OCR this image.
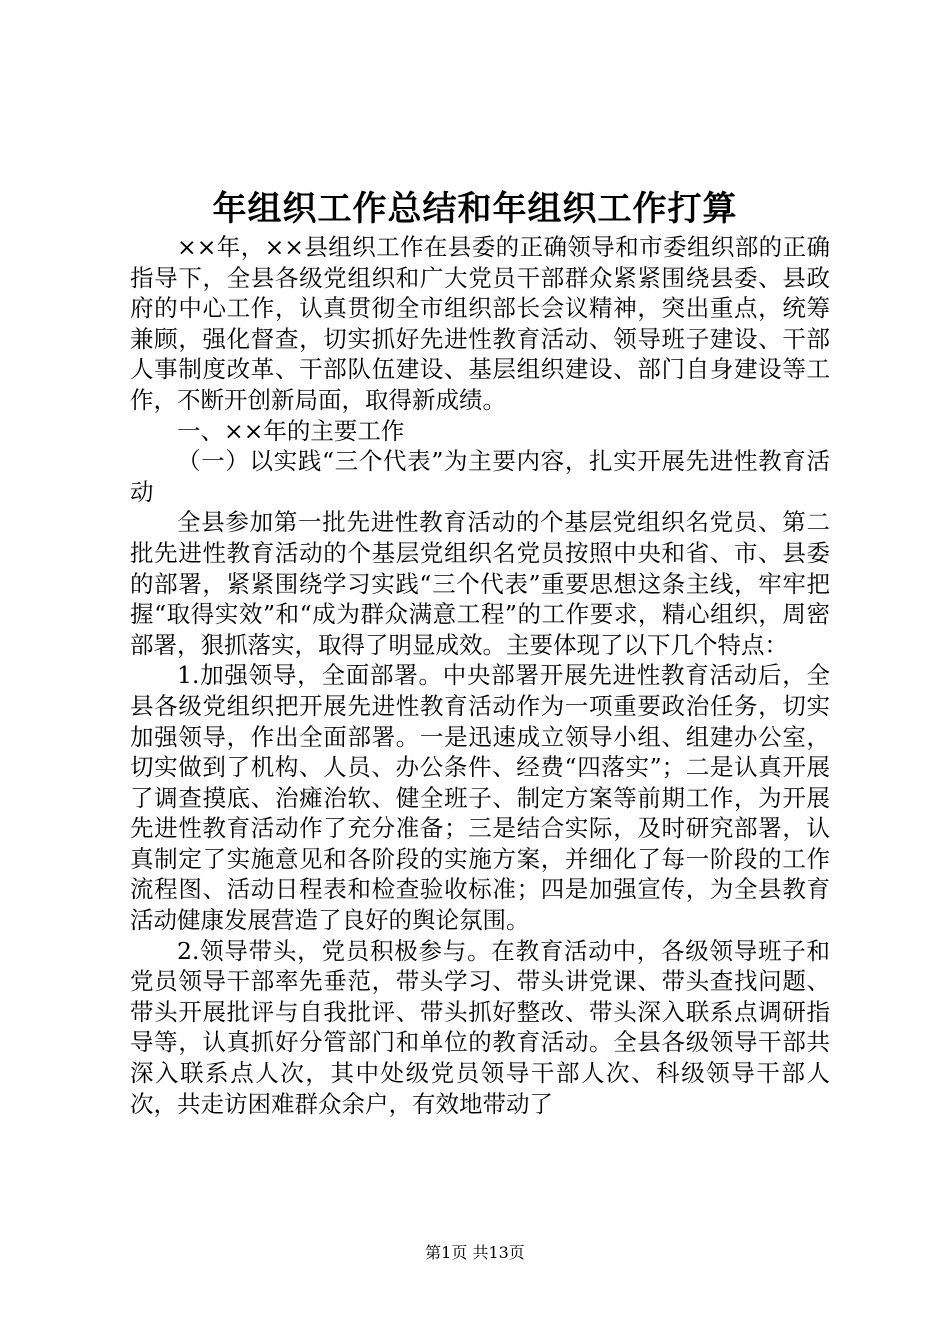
年组织工作总结和年组织工作打算

××年，××县组织工作在县委的正确领导和市委组织部的正确指导下，全县各级党组织和广大党员干部群众紧紧围绕县委、县政府的中心工作，认真贯彻全市组织部长会议精神，突出重点，统筹兼顾，强化督查，切实抓好先进性教育活动、领导班子建设、干部人事制度改革、干部队伍建设、基层组织建设、部门自身建设等工作，不断开创新局面，取得新成绩。

一、××年的主要工作

（一）以实践“三个代表”为主要内容，扎实开展先进性教育活动

全县参加第一批先进性教育活动的个基层党组织名党员、第二批先进性教育活动的个基层党组织名党员按照中央和省、市、县委的部署，紧紧围绕学习实践“三个代表”重要思想这条主线，牢牢把握“取得实效”和“成为群众满意工程”的工作要求，精心组织，周密部署，狠抓落实，取得了明显成效。主要体现了以下几个特点：

1.加强领导，全面部署。中央部署开展先进性教育活动后，全县各级党组织把开展先进性教育活动作为一项重要政治任务，切实加强领导，作出全面部署。一是迅速成立领导小组、组建办公室，切实做到了机构、人员、办公条件、经费“四落实”；二是认真开展了调查摸底、治瘫治软、健全班子、制定方案等前期工作，为开展先进性教育活动作了充分准备；三是结合实际，及时研究部署，认真制定了实施意见和各阶段的实施方案，并细化了每一阶段的工作流程图、活动日程表和检查验收标准；四是加强宣传，为全县教育活动健康发展营造了良好的舆论氛围。

2.领导带头，党员积极参与。在教育活动中，各级领导班子和党员领导干部率先垂范，带头学习、带头讲党课、带头查找问题、带头开展批评与自我批评、带头抓好整改、带头深入联系点调研指导等，认真抓好分管部门和单位的教育活动。全县各级领导干部共深入联系点人次，其中处级党员领导干部人次、科级领导干部人次，共走访困难群众余户，有效地带动了

第1页 共13页
